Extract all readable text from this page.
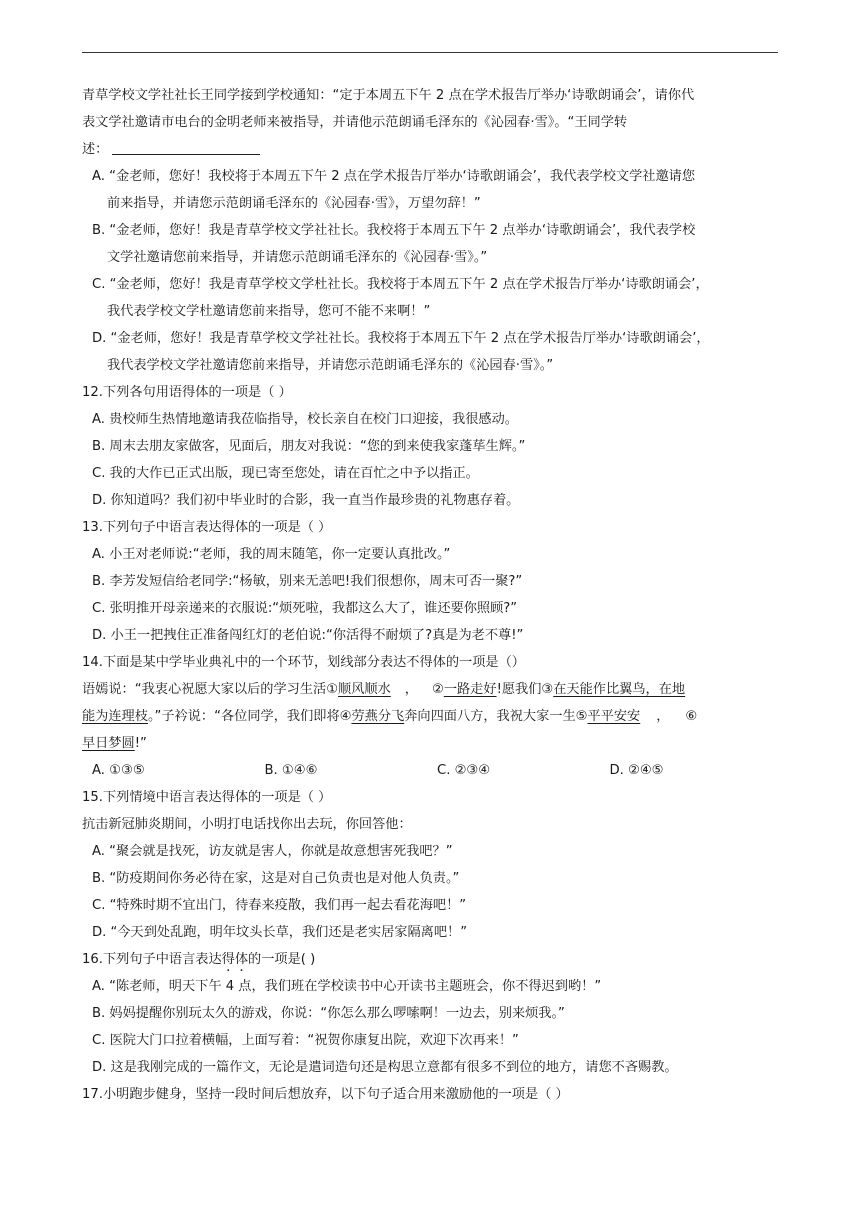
青草学校文学社社长王同学接到学校通知：“定于本周五下午 2 点在学术报告厅举办‘诗歌朗诵会’，请你代
表文学社邀请市电台的金明老师来被指导，并请他示范朗诵毛泽东的《沁园春·雪》。“王同学转
述：
A. “金老师，您好！我校将于本周五下午 2 点在学术报告厅举办‘诗歌朗诵会’，我代表学校文学社邀请您
前来指导，并请您示范朗诵毛泽东的《沁园春·雪》，万望勿辞！”
B. “金老师，您好！我是青草学校文学社社长。我校将于本周五下午 2 点举办‘诗歌朗诵会’，我代表学校
文学社邀请您前来指导，并请您示范朗诵毛泽东的《沁园春·雪》。”
C. “金老师，您好！我是青草学校文学杜社长。我校将于本周五下午 2 点在学术报告厅举办‘诗歌朗诵会’，
我代表学校文学杜邀请您前来指导，您可不能不来啊！”
D. “金老师，您好！我是青草学校文学社社长。我校将于本周五下午 2 点在学术报告厅举办‘诗歌朗诵会’，
我代表学校文学社邀请您前来指导，并请您示范朗诵毛泽东的《沁园春·雪》。”
12.下列各句用语得体的一项是（ ）
A. 贵校师生热情地邀请我莅临指导，校长亲自在校门口迎接，我很感动。
B. 周末去朋友家做客，见面后，朋友对我说：“您的到来使我家蓬荜生辉。”
C. 我的大作已正式出版，现已寄至您处，请在百忙之中予以指正。
D. 你知道吗？我们初中毕业时的合影，我一直当作最珍贵的礼物惠存着。
13.下列句子中语言表达得体的一项是（ ）
A. 小王对老师说:“老师，我的周末随笔，你一定要认真批改。”
B. 李芳发短信给老同学:“杨敏，别来无恙吧!我们很想你，周末可否一聚?”
C. 张明推开母亲递来的衣服说:“烦死啦，我都这么大了，谁还要你照顾?”
D. 小王一把拽住正准备闯红灯的老伯说:“你活得不耐烦了?真是为老不尊!”
14.下面是某中学毕业典礼中的一个环节，划线部分表达不得体的一项是（）
语嫣说：“我衷心祝愿大家以后的学习生活①顺风顺水 ， ②一路走好!愿我们③在天能作比翼鸟，在地
能为连理枝。”子衿说：“各位同学，我们即将④劳燕分飞奔向四面八方，我祝大家一生⑤平平安安 ， ⑥
早日梦圆!”
A. ①③⑤	B. ①④⑥	C. ②③④	D. ②④⑤
15.下列情境中语言表达得体的一项是（ ）
抗击新冠肺炎期间，小明打电话找你出去玩，你回答他：
A. “聚会就是找死，访友就是害人，你就是故意想害死我吧？”
B. “防疫期间你务必待在家，这是对自己负责也是对他人负责。”
C. “特殊时期不宜出门，待春来疫散，我们再一起去看花海吧！”
D. “今天到处乱跑，明年坟头长草，我们还是老实居家隔离吧！”
16.下列句子中语言表达得体的一项是( )
A. “陈老师，明天下午 4 点，我们班在学校读书中心开读书主题班会，你不得迟到哟！”
B. 妈妈提醒你别玩太久的游戏，你说：“你怎么那么啰嗦啊！一边去，别来烦我。”
C. 医院大门口拉着横幅，上面写着：“祝贺你康复出院，欢迎下次再来！”
D. 这是我刚完成的一篇作文，无论是遣词造句还是构思立意都有很多不到位的地方，请您不吝赐教。
17.小明跑步健身，坚持一段时间后想放弃，以下句子适合用来激励他的一项是（ ）
